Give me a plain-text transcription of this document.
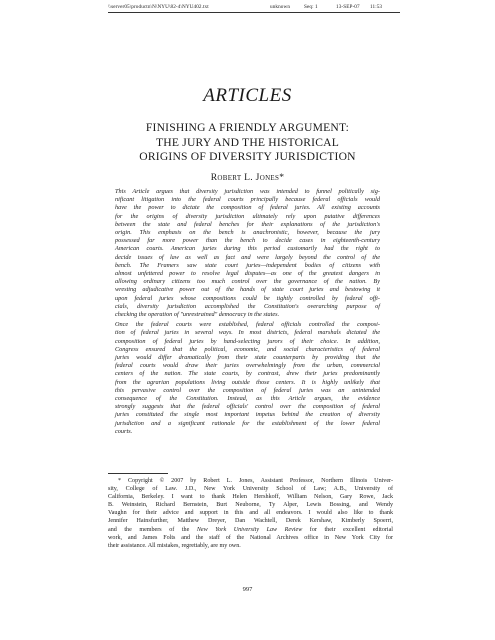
\\server05\productn\N\NYU\82-4\NYU402.txt	unknown	Seq: 1	13-SEP-07 11:53
ARTICLES
FINISHING A FRIENDLY ARGUMENT:
THE JURY AND THE HISTORICAL
ORIGINS OF DIVERSITY JURISDICTION
Robert L. Jones*

This Article argues that diversity jurisdiction was intended to funnel politically sig-
nificant litigation into the federal courts principally because federal officials would
have the power to dictate the composition of federal juries. All existing accounts
for the origins of diversity jurisdiction ultimately rely upon putative differences
between the state and federal benches for their explanations of the jurisdiction's
origin. This emphasis on the bench is anachronistic, however, because the jury
possessed far more power than the bench to decide cases in eighteenth-century
American courts. American juries during this period customarily had the right to
decide issues of law as well as fact and were largely beyond the control of the
bench. The Framers saw state court juries—independent bodies of citizens with
almost unfettered power to resolve legal disputes—as one of the greatest dangers in
allowing ordinary citizens too much control over the governance of the nation. By
wresting adjudicative power out of the hands of state court juries and bestowing it
upon federal juries whose compositions could be tightly controlled by federal offi-
cials, diversity jurisdiction accomplished the Constitution's overarching purpose of
checking the operation of "unrestrained" democracy in the states.

Once the federal courts were established, federal officials controlled the composi-
tion of federal juries in several ways. In most districts, federal marshals dictated the
composition of federal juries by hand-selecting jurors of their choice. In addition,
Congress ensured that the political, economic, and social characteristics of federal
juries would differ dramatically from their state counterparts by providing that the
federal courts would draw their juries overwhelmingly from the urban, commercial
centers of the nation. The state courts, by contrast, drew their juries predominantly
from the agrarian populations living outside those centers. It is highly unlikely that
this pervasive control over the composition of federal juries was an unintended
consequence of the Constitution. Instead, as this Article argues, the evidence
strongly suggests that the federal officials' control over the composition of federal
juries constituted the single most important impetus behind the creation of diversity
jurisdiction and a significant rationale for the establishment of the lower federal
courts.

* Copyright © 2007 by Robert L. Jones, Assistant Professor, Northern Illinois Univer-
sity, College of Law. J.D., New York University School of Law; A.B., University of
California, Berkeley. I want to thank Helen Hershkoff, William Nelson, Gary Rowe, Jack
B. Weinstein, Richard Bernstein, Burt Neuborne, Ty Alper, Lewis Bossing, and Wendy
Vaughn for their advice and support in this and all endeavors. I would also like to thank
Jennifer Hainsfurther, Matthew Dreyer, Dan Wachtell, Derek Kershaw, Kimberly Spoerri,
and the members of the New York University Law Review for their excellent editorial
work, and James Folts and the staff of the National Archives office in New York City for
their assistance. All mistakes, regrettably, are my own.
997
